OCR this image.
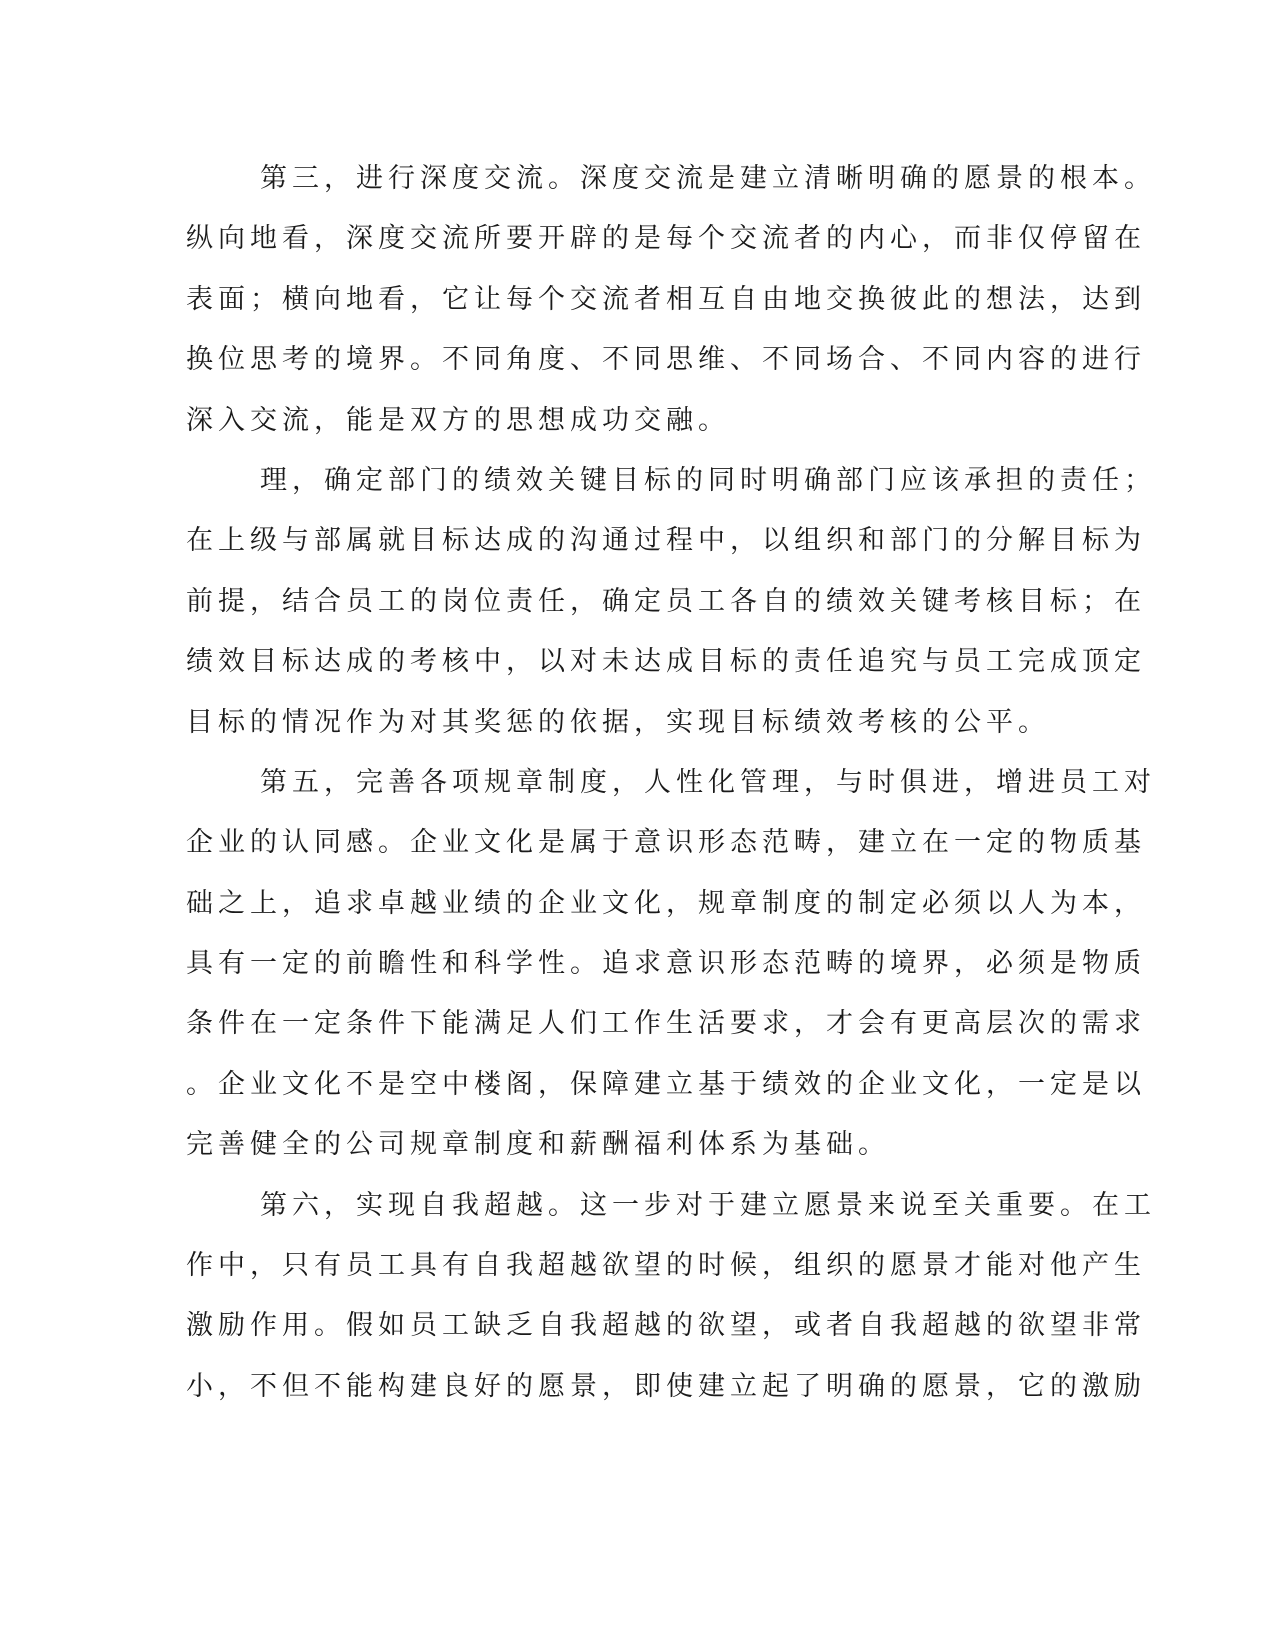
第三，进行深度交流。深度交流是建立清晰明确的愿景的根本。
纵向地看，深度交流所要开辟的是每个交流者的内心，而非仅停留在
表面；横向地看，它让每个交流者相互自由地交换彼此的想法，达到
换位思考的境界。不同角度、不同思维、不同场合、不同内容的进行
深入交流，能是双方的思想成功交融。
理，确定部门的绩效关键目标的同时明确部门应该承担的责任；
在上级与部属就目标达成的沟通过程中，以组织和部门的分解目标为
前提，结合员工的岗位责任，确定员工各自的绩效关键考核目标；在
绩效目标达成的考核中，以对未达成目标的责任追究与员工完成顶定
目标的情况作为对其奖惩的依据，实现目标绩效考核的公平。
第五，完善各项规章制度，人性化管理，与时俱进，增进员工对
企业的认同感。企业文化是属于意识形态范畴，建立在一定的物质基
础之上，追求卓越业绩的企业文化，规章制度的制定必须以人为本，
具有一定的前瞻性和科学性。追求意识形态范畴的境界，必须是物质
条件在一定条件下能满足人们工作生活要求，才会有更高层次的需求
。企业文化不是空中楼阁，保障建立基于绩效的企业文化，一定是以
完善健全的公司规章制度和薪酬福利体系为基础。
第六，实现自我超越。这一步对于建立愿景来说至关重要。在工
作中，只有员工具有自我超越欲望的时候，组织的愿景才能对他产生
激励作用。假如员工缺乏自我超越的欲望，或者自我超越的欲望非常
小，不但不能构建良好的愿景，即使建立起了明确的愿景，它的激励
